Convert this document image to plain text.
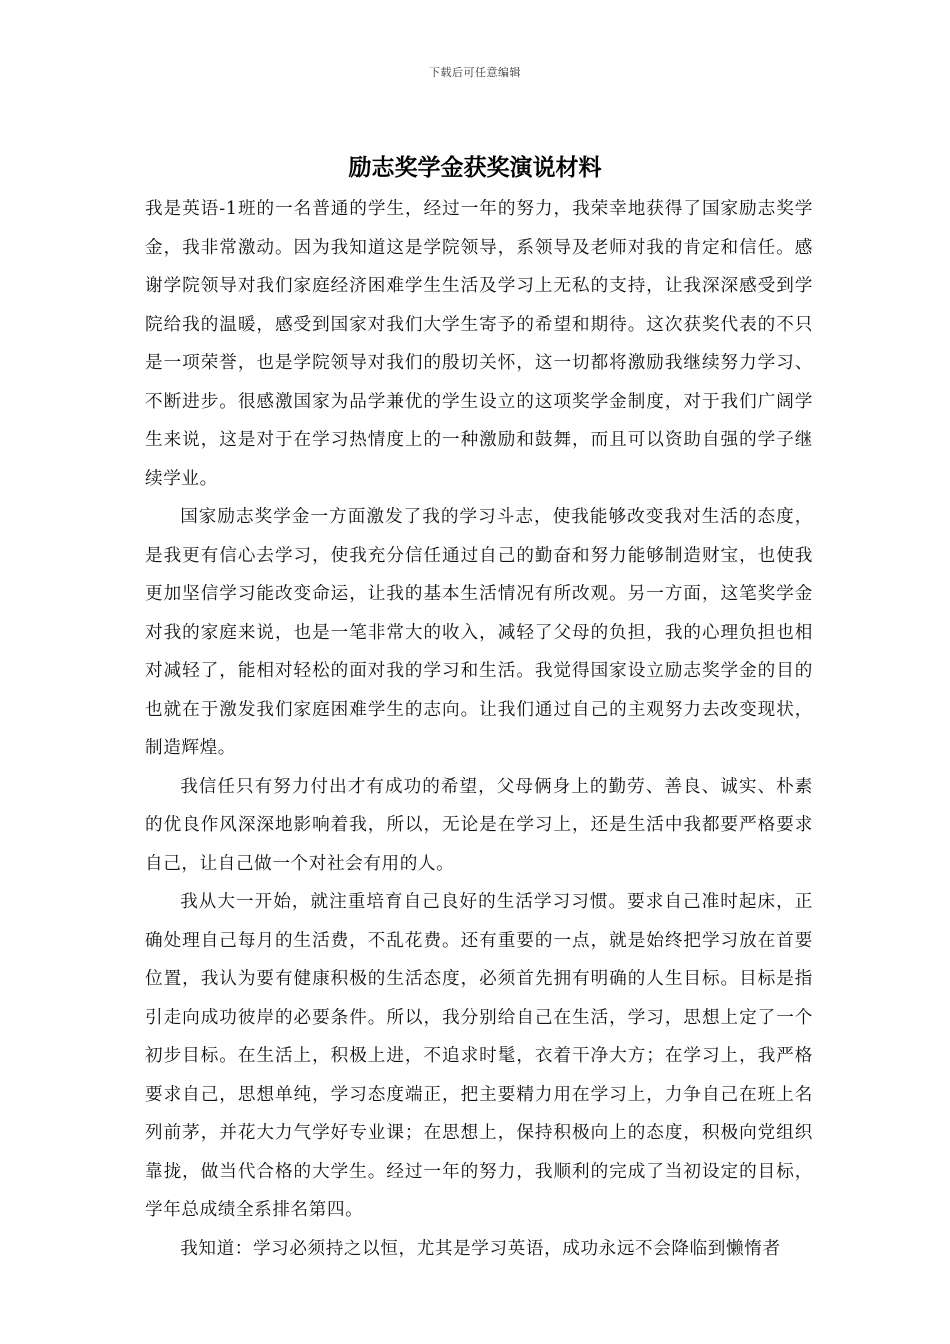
下载后可任意编辑
励志奖学金获奖演说材料

我是英语-1班的一名普通的学生，经过一年的努力，我荣幸地获得了国家励志奖学金，我非常激动。因为我知道这是学院领导，系领导及老师对我的肯定和信任。感谢学院领导对我们家庭经济困难学生生活及学习上无私的支持，让我深深感受到学院给我的温暖，感受到国家对我们大学生寄予的希望和期待。这次获奖代表的不只是一项荣誉，也是学院领导对我们的殷切关怀，这一切都将激励我继续努力学习、不断进步。很感激国家为品学兼优的学生设立的这项奖学金制度，对于我们广阔学生来说，这是对于在学习热情度上的一种激励和鼓舞，而且可以资助自强的学子继续学业。

国家励志奖学金一方面激发了我的学习斗志，使我能够改变我对生活的态度，是我更有信心去学习，使我充分信任通过自己的勤奋和努力能够制造财宝，也使我更加坚信学习能改变命运，让我的基本生活情况有所改观。另一方面，这笔奖学金对我的家庭来说，也是一笔非常大的收入，减轻了父母的负担，我的心理负担也相对减轻了，能相对轻松的面对我的学习和生活。我觉得国家设立励志奖学金的目的也就在于激发我们家庭困难学生的志向。让我们通过自己的主观努力去改变现状，制造辉煌。

我信任只有努力付出才有成功的希望，父母俩身上的勤劳、善良、诚实、朴素的优良作风深深地影响着我，所以，无论是在学习上，还是生活中我都要严格要求自己，让自己做一个对社会有用的人。

我从大一开始，就注重培育自己良好的生活学习习惯。要求自己准时起床，正确处理自己每月的生活费，不乱花费。还有重要的一点，就是始终把学习放在首要位置，我认为要有健康积极的生活态度，必须首先拥有明确的人生目标。目标是指引走向成功彼岸的必要条件。所以，我分别给自己在生活，学习，思想上定了一个初步目标。在生活上，积极上进，不追求时髦，衣着干净大方；在学习上，我严格要求自己，思想单纯，学习态度端正，把主要精力用在学习上，力争自己在班上名列前茅，并花大力气学好专业课；在思想上，保持积极向上的态度，积极向党组织靠拢，做当代合格的大学生。经过一年的努力，我顺利的完成了当初设定的目标，学年总成绩全系排名第四。

我知道：学习必须持之以恒，尤其是学习英语，成功永远不会降临到懒惰者
